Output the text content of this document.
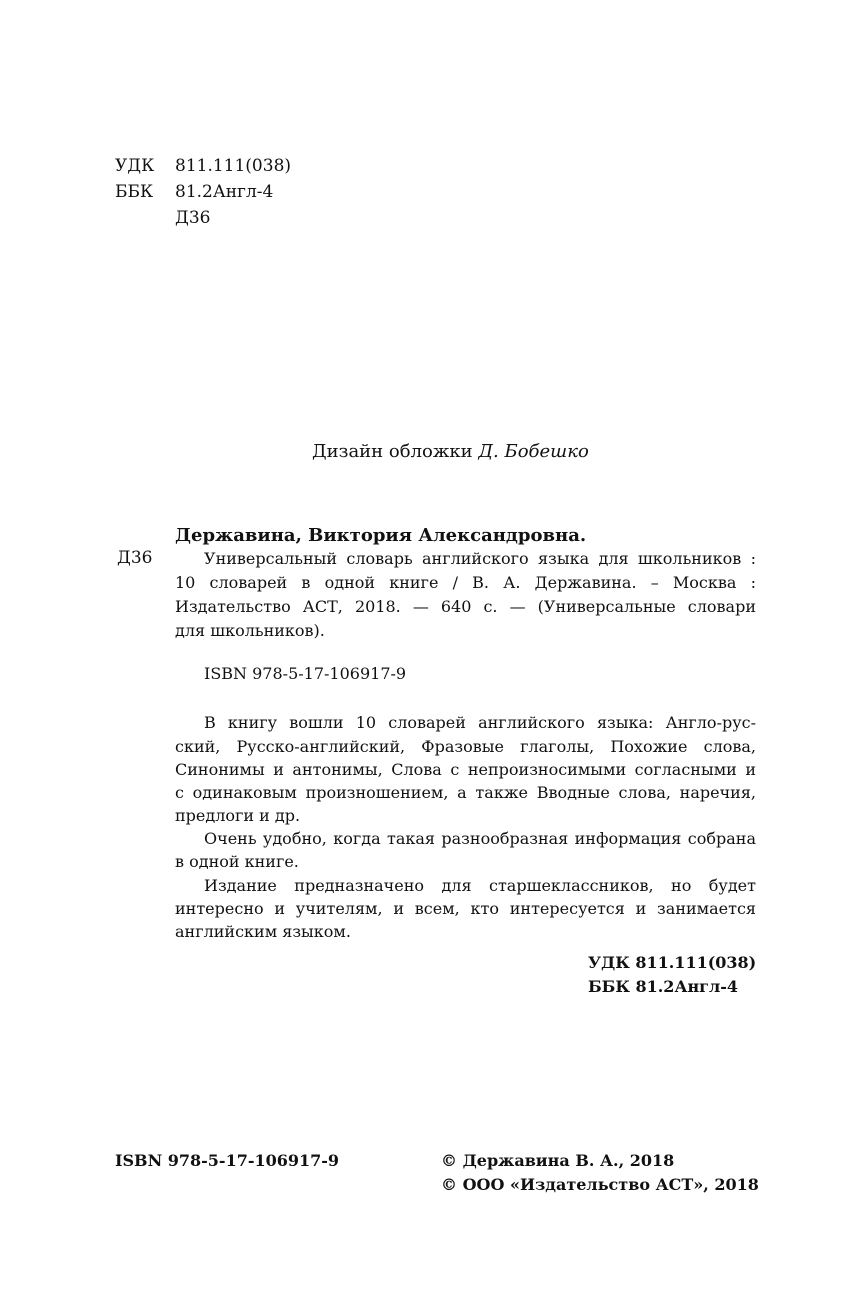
УДК 811.111(038)
ББК 81.2Англ-4
Д36
Дизайн обложки Д. Бобешко
Державина, Виктория Александровна.
Д36	Универсальный словарь английского языка для школьников :
10 словарей в одной книге / В. А. Державина. – Москва :
Издательство АСТ, 2018. — 640 с. — (Универсальные словари
для школьников).
ISBN 978-5-17-106917-9
В книгу вошли 10 словарей английского языка: Англо-рус-
ский, Русско-английский, Фразовые глаголы, Похожие слова,
Синонимы и антонимы, Слова с непроизносимыми согласными и
с одинаковым произношением, а также Вводные слова, наречия,
предлоги и др.
Очень удобно, когда такая разнообразная информация собрана
в одной книге.
Издание предназначено для старшеклассников, но будет
интересно и учителям, и всем, кто интересуется и занимается
английским языком.
УДК 811.111(038)
ББК 81.2Англ-4
ISBN 978-5-17-106917-9	© Державина В. А., 2018
© ООО «Издательство АСТ», 2018
